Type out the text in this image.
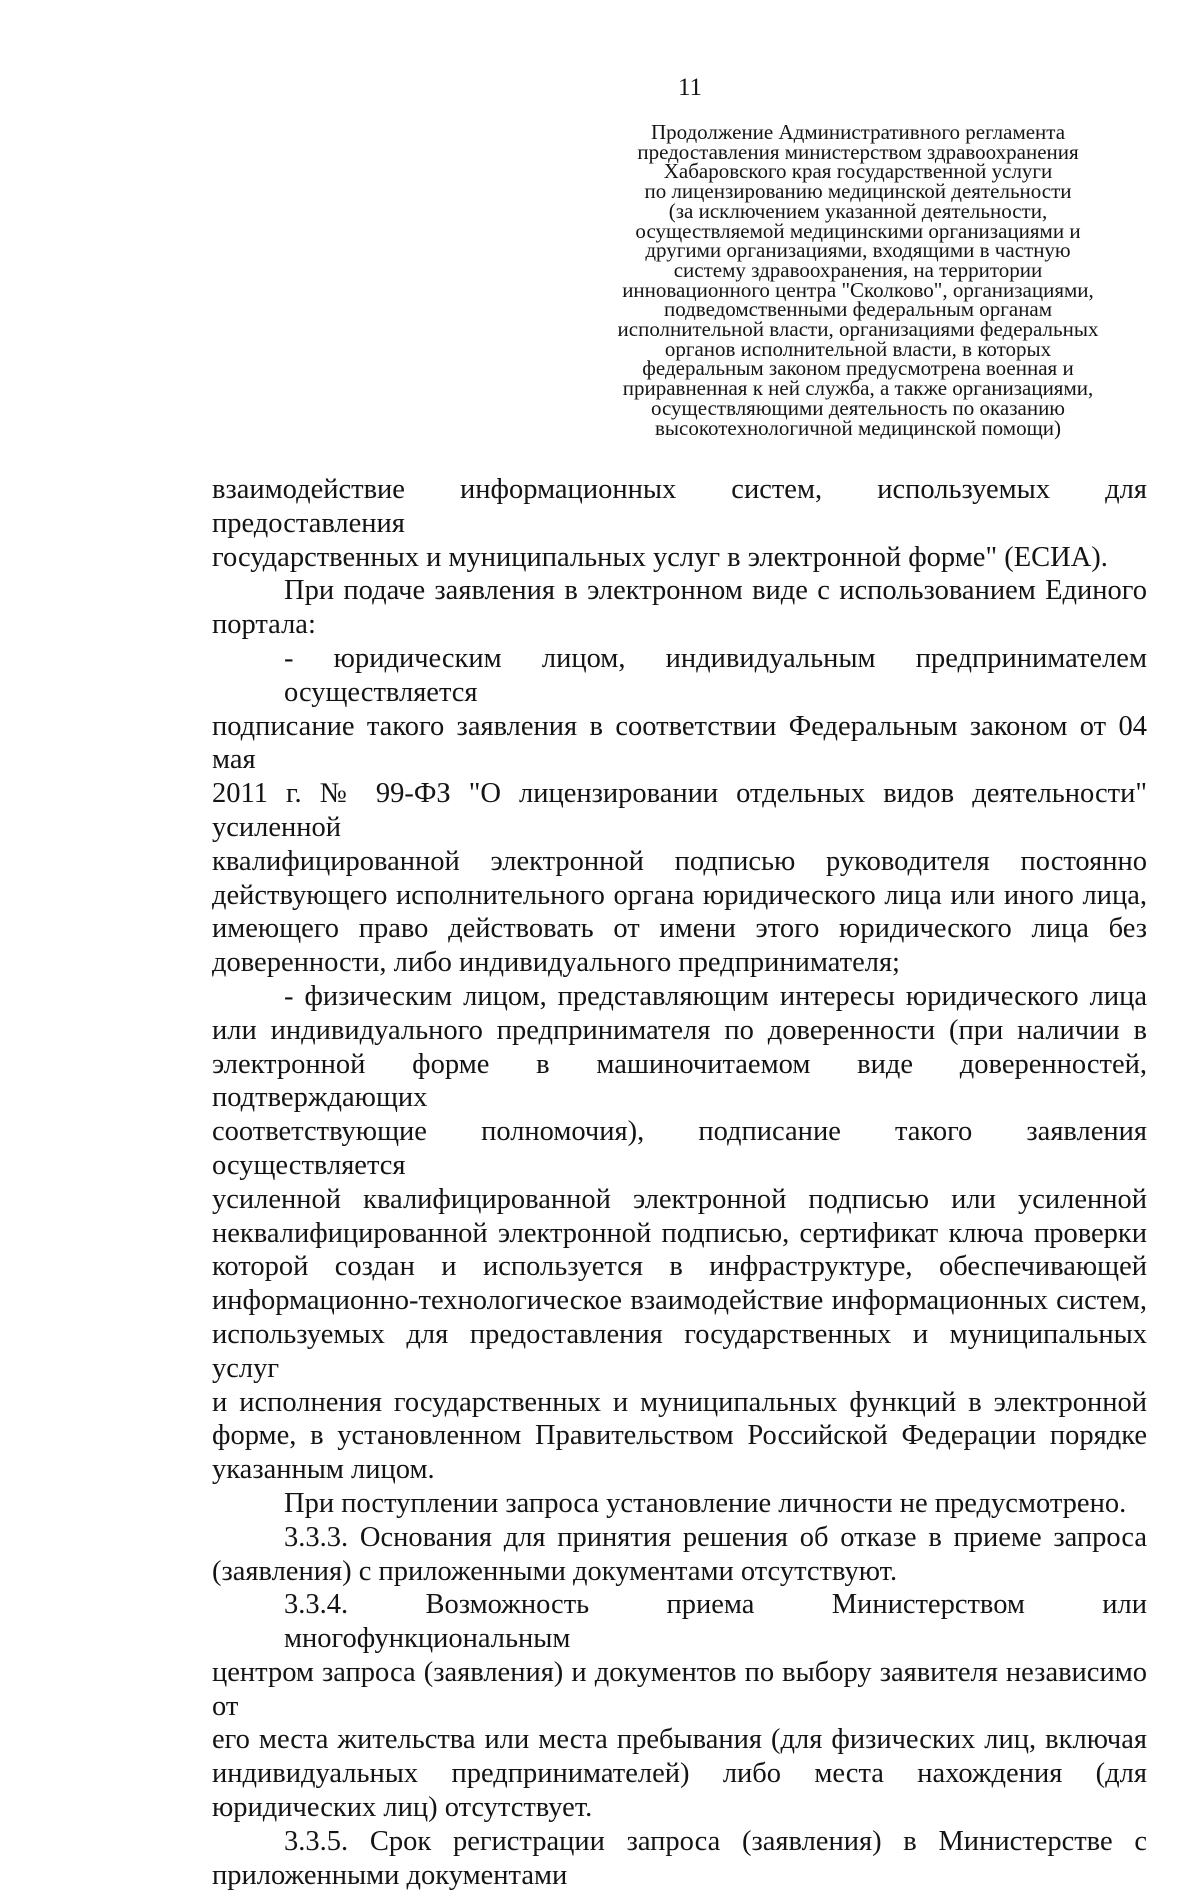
11
Продолжение Административного регламента
предоставления министерством здравоохранения
Хабаровского края государственной услуги
по лицензированию медицинской деятельности
(за исключением указанной деятельности,
осуществляемой медицинскими организациями и
другими организациями, входящими в частную
систему здравоохранения, на территории
инновационного центра "Сколково", организациями,
подведомственными федеральным органам
исполнительной власти, организациями федеральных
органов исполнительной власти, в которых
федеральным законом предусмотрена военная и
приравненная к ней служба, а также организациями,
осуществляющими деятельность по оказанию
высокотехнологичной медицинской помощи)
взаимодействие информационных систем, используемых для предоставления
государственных и муниципальных услуг в электронной форме" (ЕСИА).
При подаче заявления в электронном виде с использованием Единого
портала:
- юридическим лицом, индивидуальным предпринимателем осуществляется
подписание такого заявления в соответствии Федеральным законом от 04 мая
2011 г. № 99-ФЗ "О лицензировании отдельных видов деятельности" усиленной
квалифицированной электронной подписью руководителя постоянно
действующего исполнительного органа юридического лица или иного лица,
имеющего право действовать от имени этого юридического лица без
доверенности, либо индивидуального предпринимателя;
- физическим лицом, представляющим интересы юридического лица
или индивидуального предпринимателя по доверенности (при наличии в
электронной форме в машиночитаемом виде доверенностей, подтверждающих
соответствующие полномочия), подписание такого заявления осуществляется
усиленной квалифицированной электронной подписью или усиленной
неквалифицированной электронной подписью, сертификат ключа проверки
которой создан и используется в инфраструктуре, обеспечивающей
информационно-технологическое взаимодействие информационных систем,
используемых для предоставления государственных и муниципальных услуг
и исполнения государственных и муниципальных функций в электронной
форме, в установленном Правительством Российской Федерации порядке
указанным лицом.
При поступлении запроса установление личности не предусмотрено.
3.3.3. Основания для принятия решения об отказе в приеме запроса
(заявления) с приложенными документами отсутствуют.
3.3.4. Возможность приема Министерством или многофункциональным
центром запроса (заявления) и документов по выбору заявителя независимо от
его места жительства или места пребывания (для физических лиц, включая
индивидуальных предпринимателей) либо места нахождения (для
юридических лиц) отсутствует.
3.3.5. Срок регистрации запроса (заявления) в Министерстве с
приложенными документами
